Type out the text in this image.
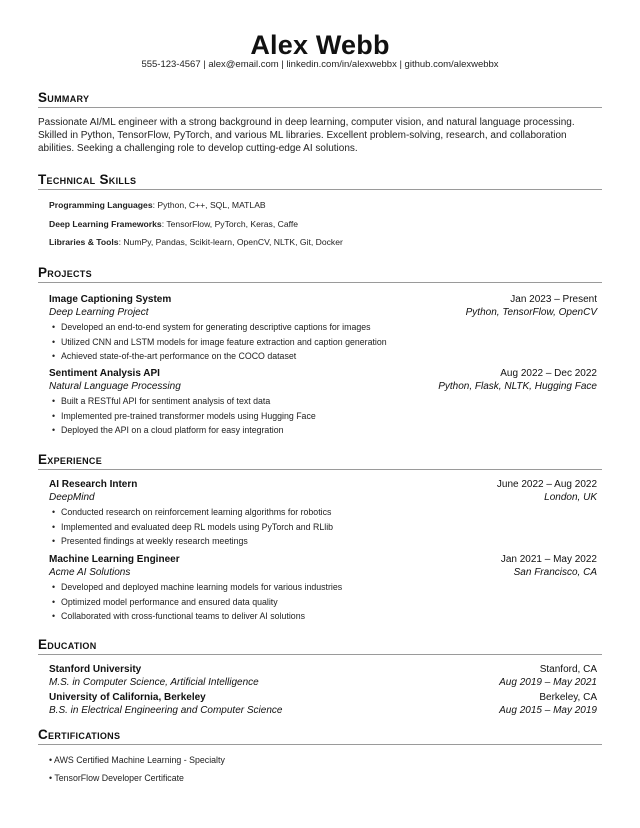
Alex Webb
555-123-4567 | alex@email.com | linkedin.com/in/alexwebbx | github.com/alexwebbx
Summary
Passionate AI/ML engineer with a strong background in deep learning, computer vision, and natural language processing. Skilled in Python, TensorFlow, PyTorch, and various ML libraries. Excellent problem-solving, research, and collaboration abilities. Seeking a challenging role to develop cutting-edge AI solutions.
Technical Skills
Programming Languages: Python, C++, SQL, MATLAB
Deep Learning Frameworks: TensorFlow, PyTorch, Keras, Caffe
Libraries & Tools: NumPy, Pandas, Scikit-learn, OpenCV, NLTK, Git, Docker
Projects
Image Captioning System	Jan 2023 – Present
Deep Learning Project	Python, TensorFlow, OpenCV
• Developed an end-to-end system for generating descriptive captions for images
• Utilized CNN and LSTM models for image feature extraction and caption generation
• Achieved state-of-the-art performance on the COCO dataset
Sentiment Analysis API	Aug 2022 – Dec 2022
Natural Language Processing	Python, Flask, NLTK, Hugging Face
• Built a RESTful API for sentiment analysis of text data
• Implemented pre-trained transformer models using Hugging Face
• Deployed the API on a cloud platform for easy integration
Experience
AI Research Intern	June 2022 – Aug 2022
DeepMind	London, UK
• Conducted research on reinforcement learning algorithms for robotics
• Implemented and evaluated deep RL models using PyTorch and RLlib
• Presented findings at weekly research meetings
Machine Learning Engineer	Jan 2021 – May 2022
Acme AI Solutions	San Francisco, CA
• Developed and deployed machine learning models for various industries
• Optimized model performance and ensured data quality
• Collaborated with cross-functional teams to deliver AI solutions
Education
Stanford University	Stanford, CA
M.S. in Computer Science, Artificial Intelligence	Aug 2019 – May 2021
University of California, Berkeley	Berkeley, CA
B.S. in Electrical Engineering and Computer Science	Aug 2015 – May 2019
Certifications
• AWS Certified Machine Learning - Specialty
• TensorFlow Developer Certificate
